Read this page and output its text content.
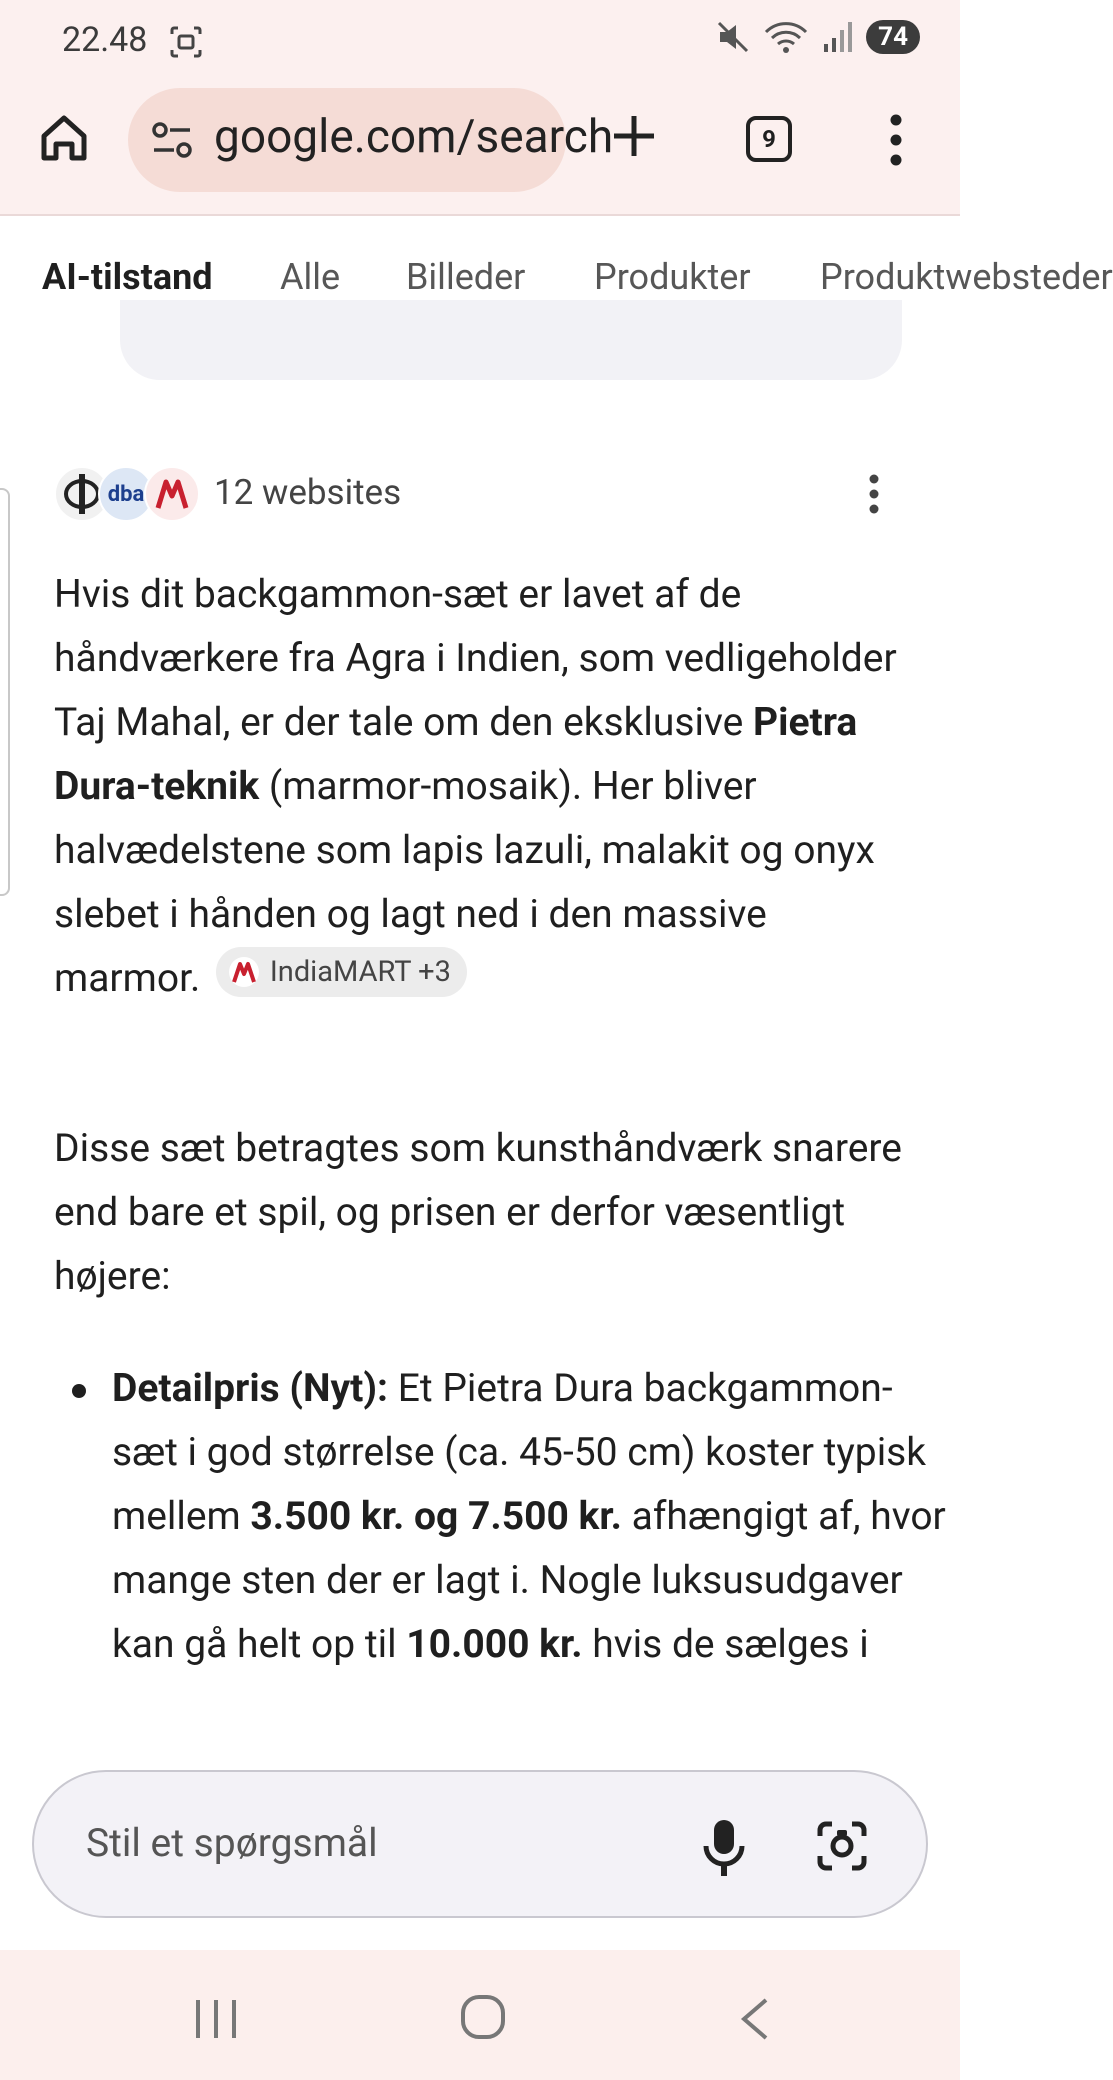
22.48	74
google.com/search	9
AI-tilstand Alle Billeder Produkter Produktwebsteder
dba 12 websites
Hvis dit backgammon-sæt er lavet af de håndværkere fra Agra i Indien, som vedligeholder Taj Mahal, er der tale om den eksklusive Pietra Dura-teknik (marmor-mosaik). Her bliver halvædelstene som lapis lazuli, malakit og onyx slebet i hånden og lagt ned i den massive marmor. IndiaMART +3
Disse sæt betragtes som kunsthåndværk snarere end bare et spil, og prisen er derfor væsentligt højere:
Detailpris (Nyt): Et Pietra Dura backgammon-sæt i god størrelse (ca. 45-50 cm) koster typisk mellem 3.500 kr. og 7.500 kr. afhængigt af, hvor mange sten der er lagt i. Nogle luksusudgaver kan gå helt op til 10.000 kr. hvis de sælges i
Stil et spørgsmål
